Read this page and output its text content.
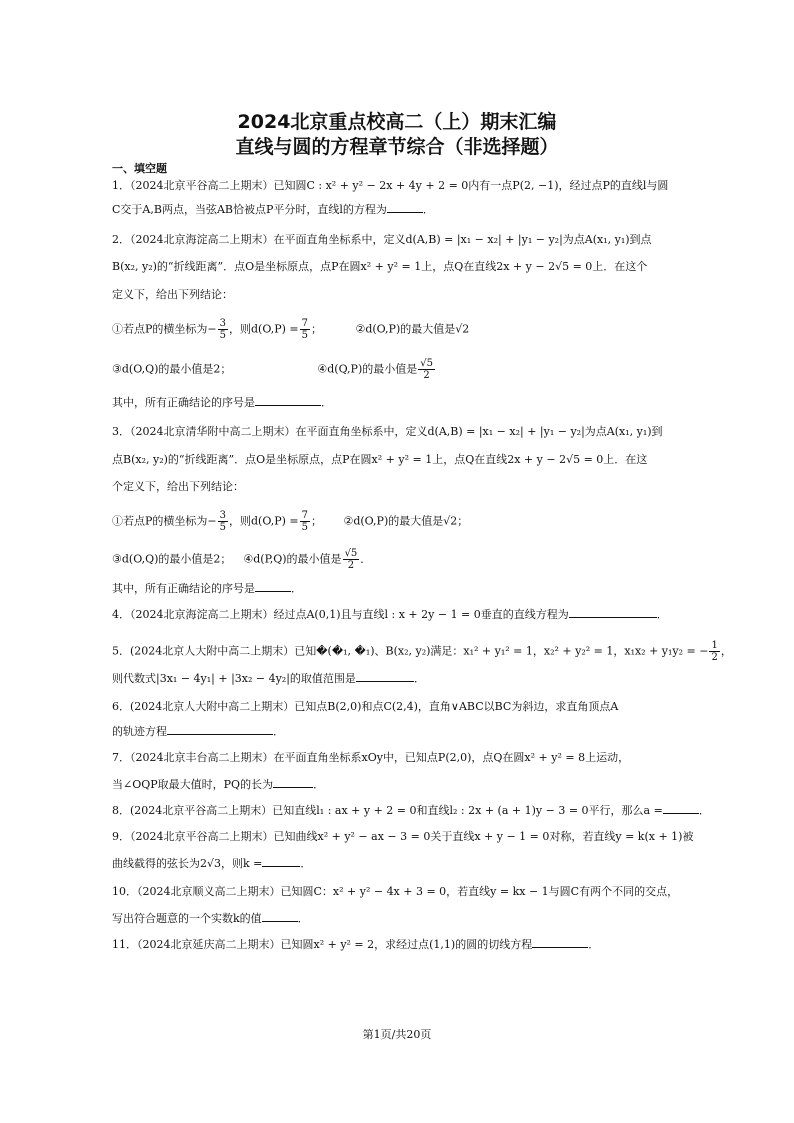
2024北京重点校高二（上）期末汇编
直线与圆的方程章节综合（非选择题）
一、填空题
1．（2024北京平谷高二上期末）已知圆C : x² + y² − 2x + 4y + 2 = 0内有一点P(2, −1)，经过点P的直线l与圆
C交于A,B两点，当弦AB恰被点P平分时，直线l的方程为	．
2．（2024北京海淀高二上期末）在平面直角坐标系中，定义d(A,B) = |x₁ − x₂| + |y₁ − y₂|为点A(x₁, y₁)到点
B(x₂, y₂)的“折线距离”．点O是坐标原点，点P在圆x² + y² = 1上，点Q在直线2x + y − 2√5 = 0上．在这个
定义下，给出下列结论：
①若点P的横坐标为− $\frac{3}{5}$ ，则$d(O,P) = \frac{7}{5}$ ；	②d(O,P)的最大值是√2
③d(O,Q)的最小值是2；	④d(Q,P)的最小值是 $\frac{√5}{2}$
其中，所有正确结论的序号是	．
3．（2024北京清华附中高二上期末）在平面直角坐标系中，定义d(A,B) = |x₁ − x₂| + |y₁ − y₂|为点A(x₁, y₁)到
点B(x₂, y₂)的“折线距离”．点O是坐标原点，点P在圆x² + y² = 1上，点Q在直线2x + y − 2√5 = 0上．在这
个定义下，给出下列结论：
①若点P的横坐标为− $\frac{3}{5}$ ，则$d(O,P) = \frac{7}{5}$ ； ②d(O,P)的最大值是√2；
③d(O,Q)的最小值是2； ④d(P,Q)的最小值是 $\frac{√5}{2}$ ．
其中，所有正确结论的序号是	．
4．（2024北京海淀高二上期末）经过点A(0,1)且与直线l : x + 2y − 1 = 0垂直的直线方程为	．
5．(2024北京人大附中高二上期末）已知�(�₁, �₁)、B(x₂, y₂)满足：x₁² + y₁² = 1，x₂² + y₂² = 1，x₁x₂ + y₁y₂ = − $\frac{1}{2}$ ，
则代数式|3x₁ − 4y₁| + |3x₂ − 4y₂|的取值范围是	．
6．(2024北京人大附中高二上期末）已知点B(2,0)和点C(2,4)，直角∨ABC以BC为斜边，求直角顶点A
的轨迹方程	．
7．（2024北京丰台高二上期末）在平面直角坐标系xOy中，已知点P(2,0)，点Q在圆x² + y² = 8上运动，
当∠OQP取最大值时，PQ的长为	．
8．(2024北京平谷高二上期末）已知直线l₁ : ax + y + 2 = 0和直线l₂ : 2x + (a + 1)y − 3 = 0平行，那么a =	．
9．（2024北京平谷高二上期末）已知曲线x² + y² − ax − 3 = 0关于直线x + y − 1 = 0对称，若直线y = k(x + 1)被
曲线截得的弦长为2√3，则k =	．
10．（2024北京顺义高二上期末）已知圆C：x² + y² − 4x + 3 = 0，若直线y = kx − 1与圆C有两个不同的交点，
写出符合题意的一个实数k的值	．
11．（2024北京延庆高二上期末）已知圆x² + y² = 2，求经过点(1,1)的圆的切线方程	．
第1页/共20页
